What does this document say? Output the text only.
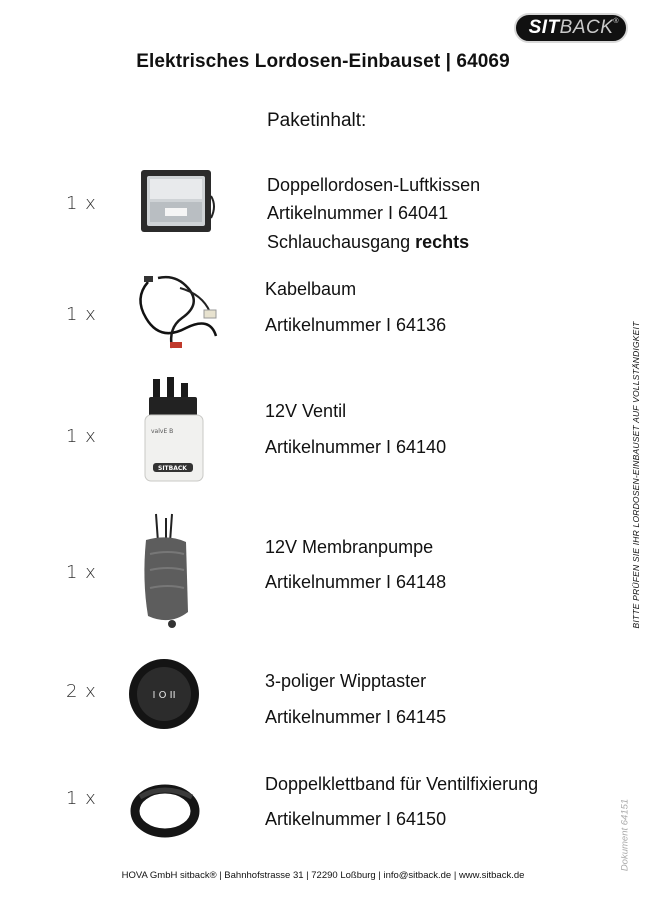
SIT BACK ®
Elektrisches Lordosen-Einbauset | 64069
Paketinhalt:
1 x
Doppellordosen-Luftkissen
Artikelnummer I 64041
Schlauchausgang rechts
1 x
Kabelbaum
Artikelnummer I 64136
1 x	valvE B
SITBACK
12V Ventil
Artikelnummer I 64140
1 x
12V Membranpumpe
Artikelnummer I 64148
2 x	I O II
3-poliger Wipptaster
Artikelnummer I 64145
1 x
Doppelklettband für Ventilfixierung
Artikelnummer I 64150
BITTE PRÜFEN SIE IHR LORDOSEN-EINBAUSET AUF VOLLSTÄNDIGKEIT
Dokument 64151
HOVA GmbH sitback® | Bahnhofstrasse 31 | 72290 Loßburg | info@sitback.de | www.sitback.de
